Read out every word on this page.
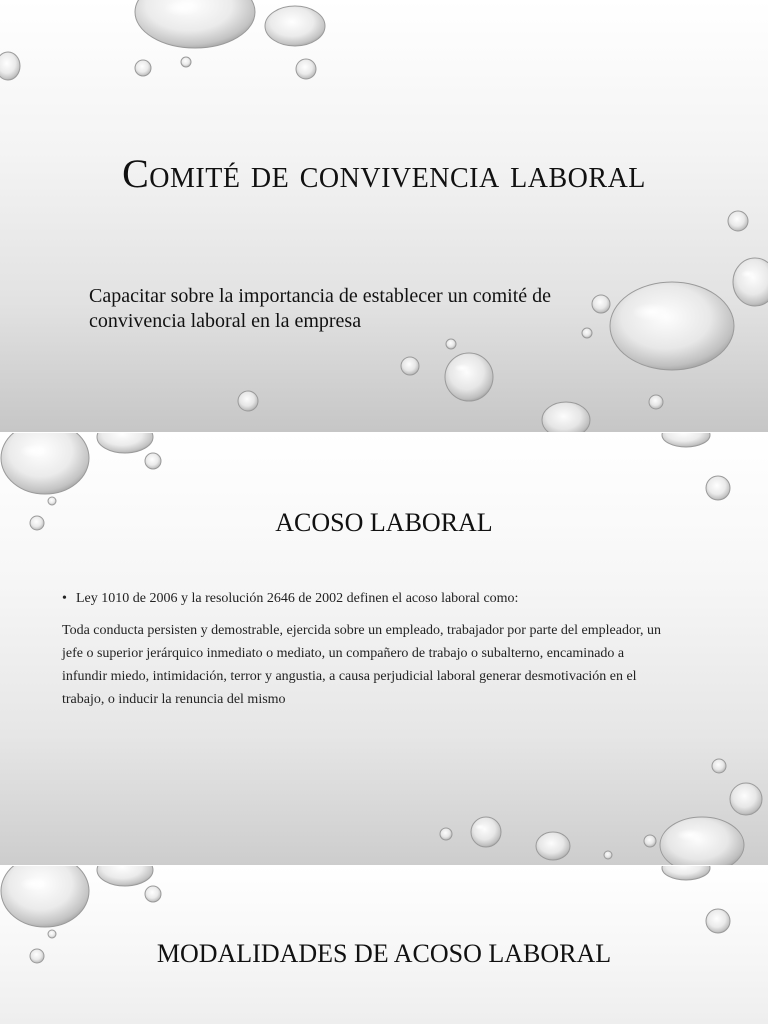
Comité de convivencia laboral

Capacitar sobre la importancia de establecer un comité de convivencia laboral en la empresa

ACOSO LABORAL

• Ley 1010 de 2006 y la resolución 2646 de 2002 definen el acoso laboral como:

Toda conducta persisten y demostrable, ejercida sobre un empleado, trabajador por parte del empleador, un jefe o superior jerárquico inmediato o mediato, un compañero de trabajo o subalterno, encaminado a infundir miedo, intimidación, terror y angustia, a causa perjudicial laboral generar desmotivación en el trabajo, o inducir la renuncia del mismo

MODALIDADES DE ACOSO LABORAL
